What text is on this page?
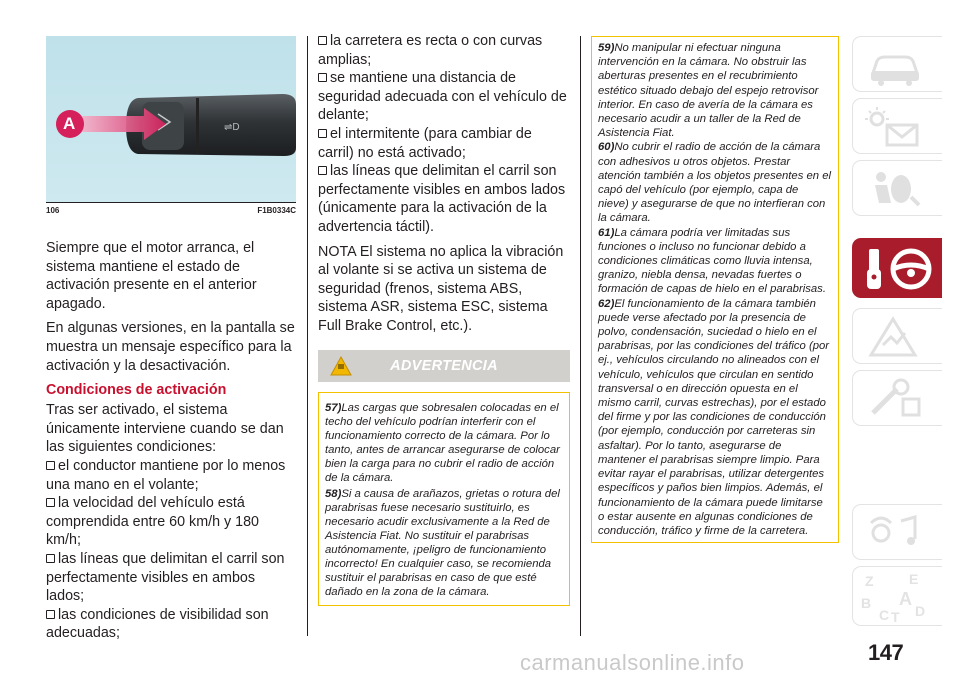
⇌D
A
106	F1B0334C

Siempre que el motor arranca, el sistema mantiene el estado de activación presente en el anterior apagado.

En algunas versiones, en la pantalla se muestra un mensaje específico para la activación y la desactivación.

Condiciones de activación
Tras ser activado, el sistema únicamente interviene cuando se dan las siguientes condiciones:
el conductor mantiene por lo menos una mano en el volante;
la velocidad del vehículo está comprendida entre 60 km/h y 180 km/h;
las líneas que delimitan el carril son perfectamente visibles en ambos lados;
las condiciones de visibilidad son adecuadas;
la carretera es recta o con curvas amplias;
se mantiene una distancia de seguridad adecuada con el vehículo de delante;
el intermitente (para cambiar de carril) no está activado;
las líneas que delimitan el carril son perfectamente visibles en ambos lados (únicamente para la activación de la advertencia táctil).

NOTA El sistema no aplica la vibración al volante si se activa un sistema de seguridad (frenos, sistema ABS, sistema ASR, sistema ESC, sistema Full Brake Control, etc.).

ADVERTENCIA
57)Las cargas que sobresalen colocadas en el techo del vehículo podrían interferir con el funcionamiento correcto de la cámara. Por lo tanto, antes de arrancar asegurarse de colocar bien la carga para no cubrir el radio de acción de la cámara.
58)Si a causa de arañazos, grietas o rotura del parabrisas fuese necesario sustituirlo, es necesario acudir exclusivamente a la Red de Asistencia Fiat. No sustituir el parabrisas autónomamente, ¡peligro de funcionamiento incorrecto! En cualquier caso, se recomienda sustituir el parabrisas en caso de que esté dañado en la zona de la cámara.
59)No manipular ni efectuar ninguna intervención en la cámara. No obstruir las aberturas presentes en el recubrimiento estético situado debajo del espejo retrovisor interior. En caso de avería de la cámara es necesario acudir a un taller de la Red de Asistencia Fiat.
60)No cubrir el radio de acción de la cámara con adhesivos u otros objetos. Prestar atención también a los objetos presentes en el capó del vehículo (por ejemplo, capa de nieve) y asegurarse de que no interfieran con la cámara.
61)La cámara podría ver limitadas sus funciones o incluso no funcionar debido a condiciones climáticas como lluvia intensa, granizo, niebla densa, nevadas fuertes o formación de capas de hielo en el parabrisas.
62)El funcionamiento de la cámara también puede verse afectado por la presencia de polvo, condensación, suciedad o hielo en el parabrisas, por las condiciones del tráfico (por ej., vehículos circulando no alineados con el vehículo, vehículos que circulan en sentido transversal o en dirección opuesta en el mismo carril, curvas estrechas), por el estado del firme y por las condiciones de conducción (por ejemplo, conducción por carreteras sin asfaltar). Por lo tanto, asegurarse de mantener el parabrisas siempre limpio. Para evitar rayar el parabrisas, utilizar detergentes específicos y paños bien limpios. Además, el funcionamiento de la cámara puede limitarse o estar ausente en algunas condiciones de conducción, tráfico y firme de la carretera.
Z	E
B A
C T D
carmanualsonline.info	147
